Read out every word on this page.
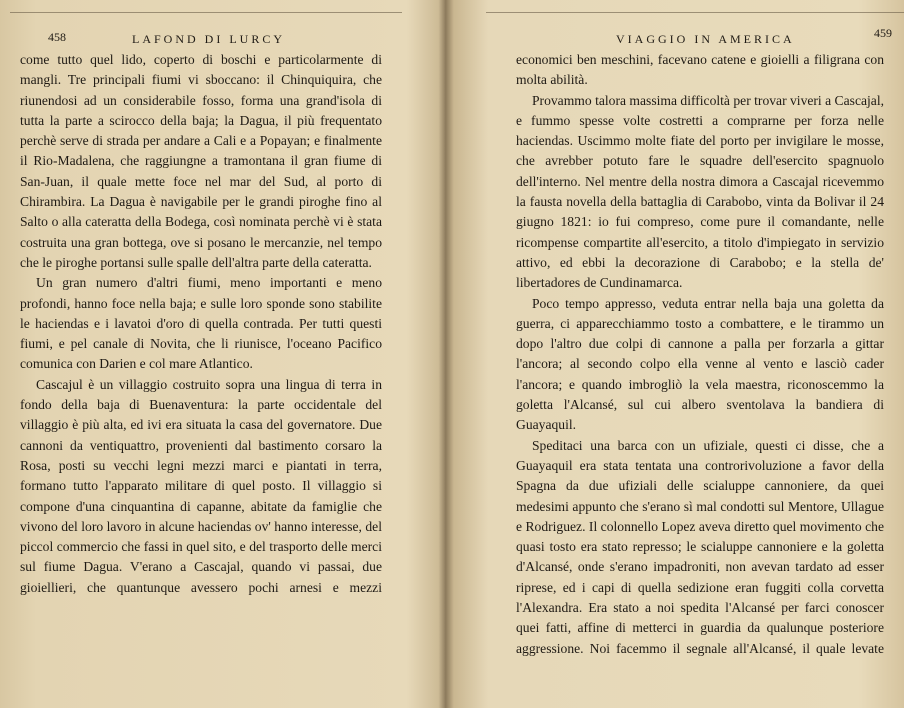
458	LAFOND DI LURCY

come tutto quel lido, coperto di boschi e particolarmente di mangli. Tre principali fiumi vi sboccano: il Chinquiquira, che riunendosi ad un considerabile fosso, forma una grand'isola di tutta la parte a scirocco della baja; la Dagua, il più frequentato perchè serve di strada per andare a Cali e a Popayan; e finalmente il Rio-Madalena, che raggiungne a tramontana il gran fiume di San-Juan, il quale mette foce nel mar del Sud, al porto di Chirambira. La Dagua è navigabile per le grandi piroghe fino al Salto o alla cateratta della Bodega, così nominata perchè vi è stata costruita una gran bottega, ove si posano le mercanzie, nel tempo che le piroghe portansi sulle spalle dell'altra parte della cateratta.

Un gran numero d'altri fiumi, meno importanti e meno profondi, hanno foce nella baja; e sulle loro sponde sono stabilite le haciendas e i lavatoi d'oro di quella contrada. Per tutti questi fiumi, e pel canale di Novita, che li riunisce, l'oceano Pacifico comunica con Darien e col mare Atlantico.

Cascajul è un villaggio costruito sopra una lingua di terra in fondo della baja di Buenaventura: la parte occidentale del villaggio è più alta, ed ivi era situata la casa del governatore. Due cannoni da ventiquattro, provenienti dal bastimento corsaro la Rosa, posti su vecchi legni mezzi marci e piantati in terra, formano tutto l'apparato militare di quel posto. Il villaggio si compone d'una cinquantina di capanne, abitate da famiglie che vivono del loro lavoro in alcune haciendas ov' hanno interesse, del piccol commercio che fassi in quel sito, e del trasporto delle merci sul fiume Dagua. V'erano a Cascajal, quando vi passai, due gioiellieri, che quantunque avessero pochi arnesi e mezzi

VIAGGIO IN AMERICA	459

economici ben meschini, facevano catene e gioielli a filigrana con molta abilità.

Provammo talora massima difficoltà per trovar viveri a Cascajal, e fummo spesse volte costretti a comprarne per forza nelle haciendas. Uscimmo molte fiate del porto per invigilare le mosse, che avrebber potuto fare le squadre dell'esercito spagnuolo dell'interno. Nel mentre della nostra dimora a Cascajal ricevemmo la fausta novella della battaglia di Carabobo, vinta da Bolivar il 24 giugno 1821: io fui compreso, come pure il comandante, nelle ricompense compartite all'esercito, a titolo d'impiegato in servizio attivo, ed ebbi la decorazione di Carabobo; e la stella de' libertadores de Cundinamarca.

Poco tempo appresso, veduta entrar nella baja una goletta da guerra, ci apparecchiammo tosto a combattere, e le tirammo un dopo l'altro due colpi di cannone a palla per forzarla a gittar l'ancora; al secondo colpo ella venne al vento e lasciò cader l'ancora; e quando imbrogliò la vela maestra, riconoscemmo la goletta l'Alcansé, sul cui albero sventolava la bandiera di Guayaquil.

Speditaci una barca con un ufiziale, questi ci disse, che a Guayaquil era stata tentata una controrivoluzione a favor della Spagna da due ufiziali delle scialuppe cannoniere, da quei medesimi appunto che s'erano sì mal condotti sul Mentore, Ullague e Rodriguez. Il colonnello Lopez aveva diretto quel movimento che quasi tosto era stato represso; le scialuppe cannoniere e la goletta d'Alcansé, onde s'erano impadroniti, non avevan tardato ad esser riprese, ed i capi di quella sedizione eran fuggiti colla corvetta l'Alexandra. Era stato a noi spedita l'Alcansé per farci conoscer quei fatti, affine di metterci in guardia da qualunque posteriore aggressione. Noi facemmo il segnale all'Alcansé, il quale levate
